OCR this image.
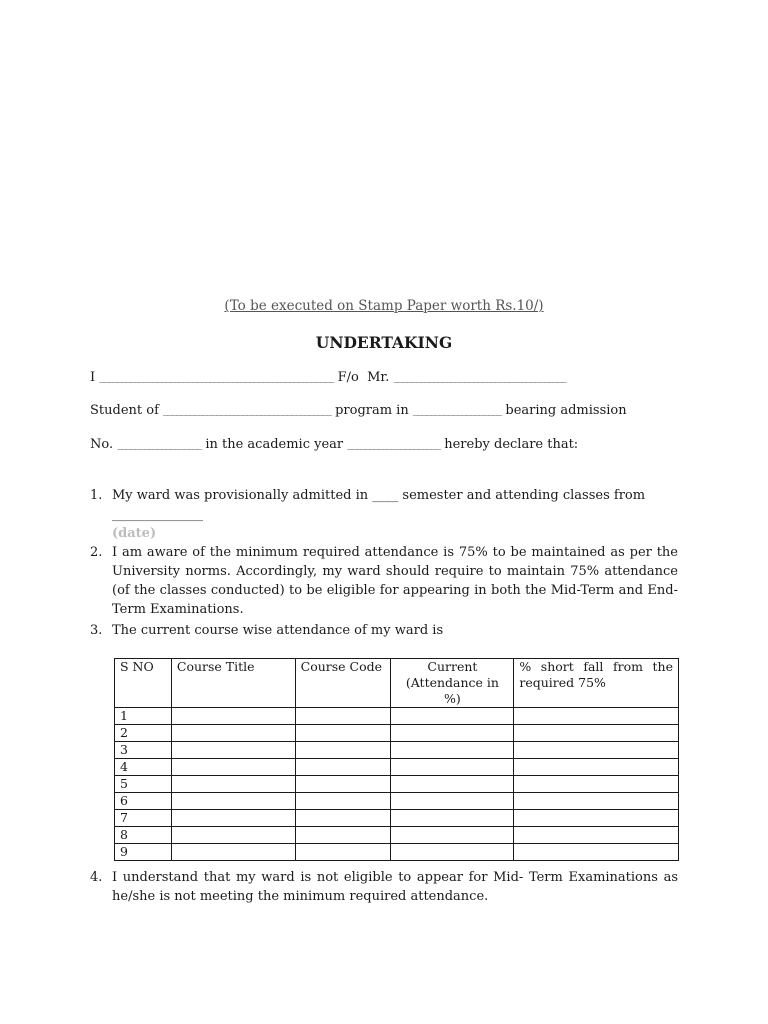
(To be executed on Stamp Paper worth Rs.10/)
UNDERTAKING
I _____________________________________________________ F/o  Mr. _______________________________________
Student of ______________________________________ program in ____________________ bearing admission
No. ___________________ in the academic year _____________________ hereby declare that:
1. My ward was provisionally admitted in ____ semester and attending classes from ______________
(date)
2. I am aware of the minimum required attendance is 75% to be maintained as per the University norms. Accordingly, my ward should require to maintain 75% attendance (of the classes conducted) to be eligible for appearing in both the Mid-Term and End-Term Examinations.
3. The current course wise attendance of my ward is
S NO	Course Title	Course Code	Current (Attendance in %)	% short fall from the required 75%
1				
2				
3				
4				
5				
6				
7				
8				
9				
4. I understand that my ward is not eligible to appear for Mid- Term Examinations as he/she is not meeting the minimum required attendance.
